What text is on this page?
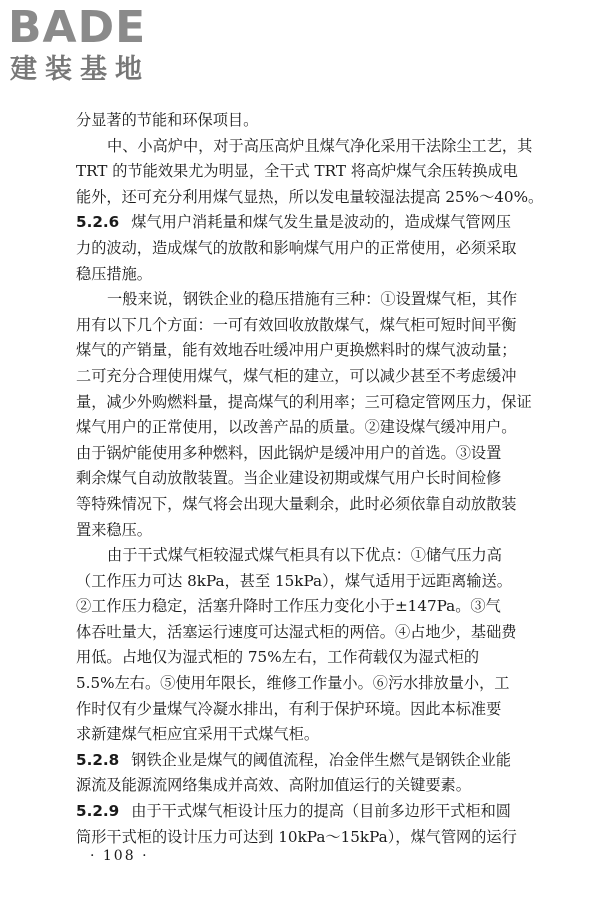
BADE
建装基地
分显著的节能和环保项目。
中、小高炉中，对于高压高炉且煤气净化采用干法除尘工艺，其
TRT 的节能效果尤为明显，全干式 TRT 将高炉煤气余压转换成电
能外，还可充分利用煤气显热，所以发电量较湿法提高 25%～40%。
5.2.6 煤气用户消耗量和煤气发生量是波动的，造成煤气管网压
力的波动，造成煤气的放散和影响煤气用户的正常使用，必须采取
稳压措施。
一般来说，钢铁企业的稳压措施有三种：①设置煤气柜，其作
用有以下几个方面：一可有效回收放散煤气，煤气柜可短时间平衡
煤气的产销量，能有效地吞吐缓冲用户更换燃料时的煤气波动量；
二可充分合理使用煤气，煤气柜的建立，可以减少甚至不考虑缓冲
量，减少外购燃料量，提高煤气的利用率；三可稳定管网压力，保证
煤气用户的正常使用，以改善产品的质量。②建设煤气缓冲用户。
由于锅炉能使用多种燃料，因此锅炉是缓冲用户的首选。③设置
剩余煤气自动放散装置。当企业建设初期或煤气用户长时间检修
等特殊情况下，煤气将会出现大量剩余，此时必须依靠自动放散装
置来稳压。
由于干式煤气柜较湿式煤气柜具有以下优点：①储气压力高
（工作压力可达 8kPa，甚至 15kPa），煤气适用于远距离输送。
②工作压力稳定，活塞升降时工作压力变化小于±147Pa。③气
体吞吐量大，活塞运行速度可达湿式柜的两倍。④占地少，基础费
用低。占地仅为湿式柜的 75%左右，工作荷载仅为湿式柜的
5.5%左右。⑤使用年限长，维修工作量小。⑥污水排放量小，工
作时仅有少量煤气冷凝水排出，有利于保护环境。因此本标准要
求新建煤气柜应宜采用干式煤气柜。
5.2.8 钢铁企业是煤气的阈值流程，冶金伴生燃气是钢铁企业能
源流及能源流网络集成并高效、高附加值运行的关键要素。
5.2.9 由于干式煤气柜设计压力的提高（目前多边形干式柜和圆
筒形干式柜的设计压力可达到 10kPa～15kPa），煤气管网的运行
· 108 ·
